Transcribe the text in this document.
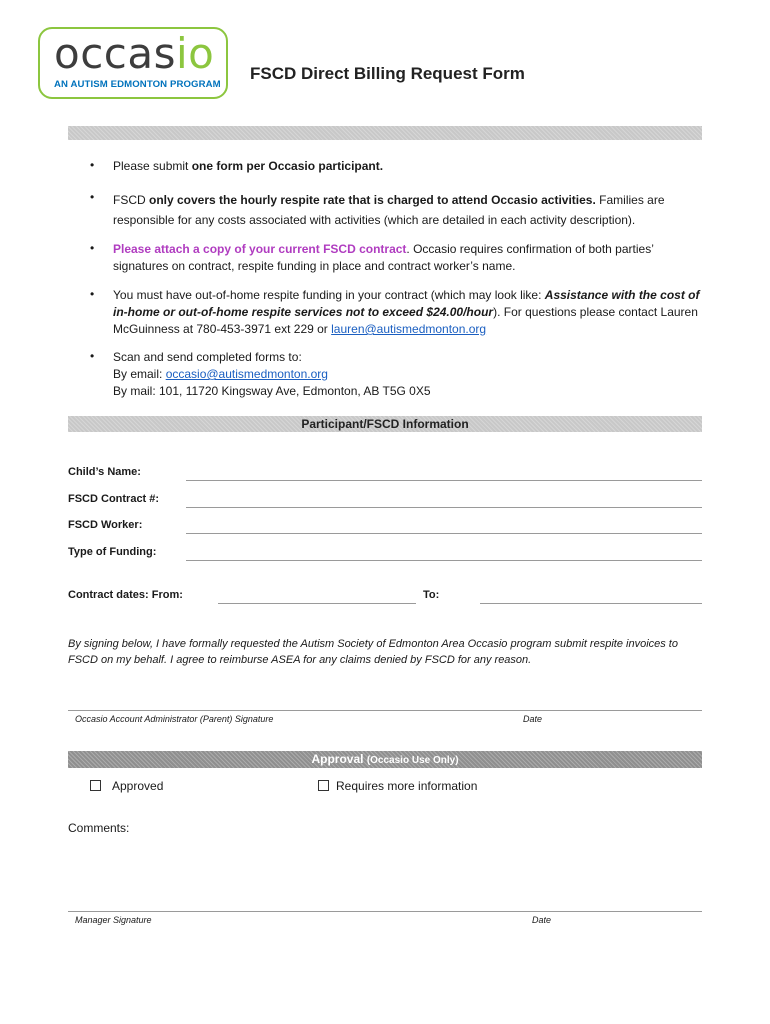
occasio
AN AUTISM EDMONTON PROGRAM
FSCD Direct Billing Request Form
• Please submit one form per Occasio participant.
• FSCD only covers the hourly respite rate that is charged to attend Occasio activities. Families are responsible for any costs associated with activities (which are detailed in each activity description).
• Please attach a copy of your current FSCD contract. Occasio requires confirmation of both parties’ signatures on contract, respite funding in place and contract worker’s name.
• You must have out-of-home respite funding in your contract (which may look like: Assistance with the cost of in-home or out-of-home respite services not to exceed $24.00/hour). For questions please contact Lauren McGuinness at 780-453-3971 ext 229 or lauren@autismedmonton.org
• Scan and send completed forms to:
By email: occasio@autismedmonton.org
By mail: 101, 11720 Kingsway Ave, Edmonton, AB T5G 0X5
Participant/FSCD Information
Child’s Name:
FSCD Contract #:
FSCD Worker:
Type of Funding:
Contract dates: From:	To:
By signing below, I have formally requested the Autism Society of Edmonton Area Occasio program submit respite invoices to FSCD on my behalf. I agree to reimburse ASEA for any claims denied by FSCD for any reason.
Occasio Account Administrator (Parent) Signature	Date
Approval (Occasio Use Only)
Approved	Requires more information
Comments:
Manager Signature	Date
